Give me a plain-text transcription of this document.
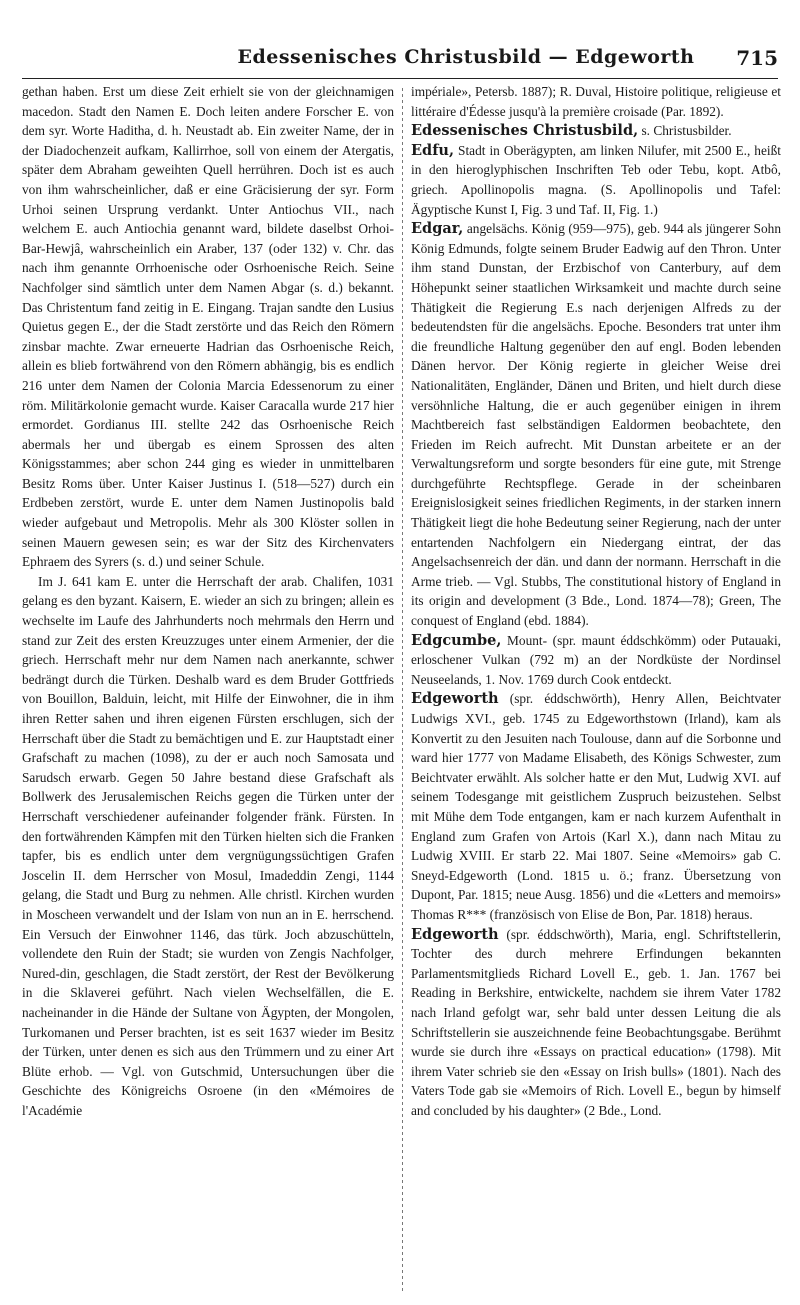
Edessenisches Christusbild — Edgeworth	715

gethan haben. Erst um diese Zeit erhielt sie von der gleichnamigen macedon. Stadt den Namen E. Doch leiten andere Forscher E. von dem syr. Worte Haditha, d. h. Neustadt ab. Ein zweiter Name, der in der Diadochenzeit aufkam, Kallirrhoe, soll von einem der Atergatis, später dem Abraham geweihten Quell herrühren. Doch ist es auch von ihm wahrscheinlicher, daß er eine Gräcisierung der syr. Form Urhoi seinen Ursprung verdankt. Unter Antiochus VII., nach welchem E. auch Antiochia genannt ward, bildete daselbst Orhoi-Bar-Hewjâ, wahrscheinlich ein Araber, 137 (oder 132) v. Chr. das nach ihm genannte Orrhoenische oder Osrhoenische Reich. Seine Nachfolger sind sämtlich unter dem Namen Abgar (s. d.) bekannt. Das Christentum fand zeitig in E. Eingang. Trajan sandte den Lusius Quietus gegen E., der die Stadt zerstörte und das Reich den Römern zinsbar machte. Zwar erneuerte Hadrian das Osrhoenische Reich, allein es blieb fortwährend von den Römern abhängig, bis es endlich 216 unter dem Namen der Colonia Marcia Edessenorum zu einer röm. Militärkolonie gemacht wurde. Kaiser Caracalla wurde 217 hier ermordet. Gordianus III. stellte 242 das Osrhoenische Reich abermals her und übergab es einem Sprossen des alten Königsstammes; aber schon 244 ging es wieder in unmittelbaren Besitz Roms über. Unter Kaiser Justinus I. (518—527) durch ein Erdbeben zerstört, wurde E. unter dem Namen Justinopolis bald wieder aufgebaut und Metropolis. Mehr als 300 Klöster sollen in seinen Mauern gewesen sein; es war der Sitz des Kirchenvaters Ephraem des Syrers (s. d.) und seiner Schule.

Im J. 641 kam E. unter die Herrschaft der arab. Chalifen, 1031 gelang es den byzant. Kaisern, E. wieder an sich zu bringen; allein es wechselte im Laufe des Jahrhunderts noch mehrmals den Herrn und stand zur Zeit des ersten Kreuzzuges unter einem Armenier, der die griech. Herrschaft mehr nur dem Namen nach anerkannte, schwer bedrängt durch die Türken. Deshalb ward es dem Bruder Gottfrieds von Bouillon, Balduin, leicht, mit Hilfe der Einwohner, die in ihm ihren Retter sahen und ihren eigenen Fürsten erschlugen, sich der Herrschaft über die Stadt zu bemächtigen und E. zur Hauptstadt einer Grafschaft zu machen (1098), zu der er auch noch Samosata und Sarudsch erwarb. Gegen 50 Jahre bestand diese Grafschaft als Bollwerk des Jerusalemischen Reichs gegen die Türken unter der Herrschaft verschiedener aufeinander folgender fränk. Fürsten. In den fortwährenden Kämpfen mit den Türken hielten sich die Franken tapfer, bis es endlich unter dem vergnügungssüchtigen Grafen Joscelin II. dem Herrscher von Mosul, Imadeddin Zengi, 1144 gelang, die Stadt und Burg zu nehmen. Alle christl. Kirchen wurden in Moscheen verwandelt und der Islam von nun an in E. herrschend. Ein Versuch der Einwohner 1146, das türk. Joch abzuschütteln, vollendete den Ruin der Stadt; sie wurden von Zengis Nachfolger, Nured-din, geschlagen, die Stadt zerstört, der Rest der Bevölkerung in die Sklaverei geführt. Nach vielen Wechselfällen, die E. nacheinander in die Hände der Sultane von Ägypten, der Mongolen, Turkomanen und Perser brachten, ist es seit 1637 wieder im Besitz der Türken, unter denen es sich aus den Trümmern und zu einer Art Blüte erhob. — Vgl. von Gutschmid, Untersuchungen über die Geschichte des Königreichs Osroene (in den «Mémoires de l'Académie

impériale», Petersb. 1887); R. Duval, Histoire politique, religieuse et littéraire d'Édesse jusqu'à la première croisade (Par. 1892).

Edessenisches Christusbild, s. Christusbilder.

Edfu, Stadt in Oberägypten, am linken Nilufer, mit 2500 E., heißt in den hieroglyphischen Inschriften Teb oder Tebu, kopt. Atbô, griech. Apollinopolis magna. (S. Apollinopolis und Tafel: Ägyptische Kunst I, Fig. 3 und Taf. II, Fig. 1.)

Edgar, angelsächs. König (959—975), geb. 944 als jüngerer Sohn König Edmunds, folgte seinem Bruder Eadwig auf den Thron. Unter ihm stand Dunstan, der Erzbischof von Canterbury, auf dem Höhepunkt seiner staatlichen Wirksamkeit und machte durch seine Thätigkeit die Regierung E.s nach derjenigen Alfreds zu der bedeutendsten für die angelsächs. Epoche. Besonders trat unter ihm die freundliche Haltung gegenüber den auf engl. Boden lebenden Dänen hervor. Der König regierte in gleicher Weise drei Nationalitäten, Engländer, Dänen und Briten, und hielt durch diese versöhnliche Haltung, die er auch gegenüber einigen in ihrem Machtbereich fast selbständigen Ealdormen beobachtete, den Frieden im Reich aufrecht. Mit Dunstan arbeitete er an der Verwaltungsreform und sorgte besonders für eine gute, mit Strenge durchgeführte Rechtspflege. Gerade in der scheinbaren Ereignislosigkeit seines friedlichen Regiments, in der starken innern Thätigkeit liegt die hohe Bedeutung seiner Regierung, nach der unter entartenden Nachfolgern ein Niedergang eintrat, der das Angelsachsenreich der dän. und dann der normann. Herrschaft in die Arme trieb. — Vgl. Stubbs, The constitutional history of England in its origin and development (3 Bde., Lond. 1874—78); Green, The conquest of England (ebd. 1884).

Edgcumbe, Mount- (spr. maunt éddschkömm) oder Putauaki, erloschener Vulkan (792 m) an der Nordküste der Nordinsel Neuseelands, 1. Nov. 1769 durch Cook entdeckt.

Edgeworth (spr. éddschwörth), Henry Allen, Beichtvater Ludwigs XVI., geb. 1745 zu Edgeworthstown (Irland), kam als Konvertit zu den Jesuiten nach Toulouse, dann auf die Sorbonne und ward hier 1777 von Madame Elisabeth, des Königs Schwester, zum Beichtvater erwählt. Als solcher hatte er den Mut, Ludwig XVI. auf seinem Todesgange mit geistlichem Zuspruch beizustehen. Selbst mit Mühe dem Tode entgangen, kam er nach kurzem Aufenthalt in England zum Grafen von Artois (Karl X.), dann nach Mitau zu Ludwig XVIII. Er starb 22. Mai 1807. Seine «Memoirs» gab C. Sneyd-Edgeworth (Lond. 1815 u. ö.; franz. Übersetzung von Dupont, Par. 1815; neue Ausg. 1856) und die «Letters and memoirs» Thomas R*** (französisch von Elise de Bon, Par. 1818) heraus.

Edgeworth (spr. éddschwörth), Maria, engl. Schriftstellerin, Tochter des durch mehrere Erfindungen bekannten Parlamentsmitglieds Richard Lovell E., geb. 1. Jan. 1767 bei Reading in Berkshire, entwickelte, nachdem sie ihrem Vater 1782 nach Irland gefolgt war, sehr bald unter dessen Leitung die als Schriftstellerin sie auszeichnende feine Beobachtungsgabe. Berühmt wurde sie durch ihre «Essays on practical education» (1798). Mit ihrem Vater schrieb sie den «Essay on Irish bulls» (1801). Nach des Vaters Tode gab sie «Memoirs of Rich. Lovell E., begun by himself and concluded by his daughter» (2 Bde., Lond.
